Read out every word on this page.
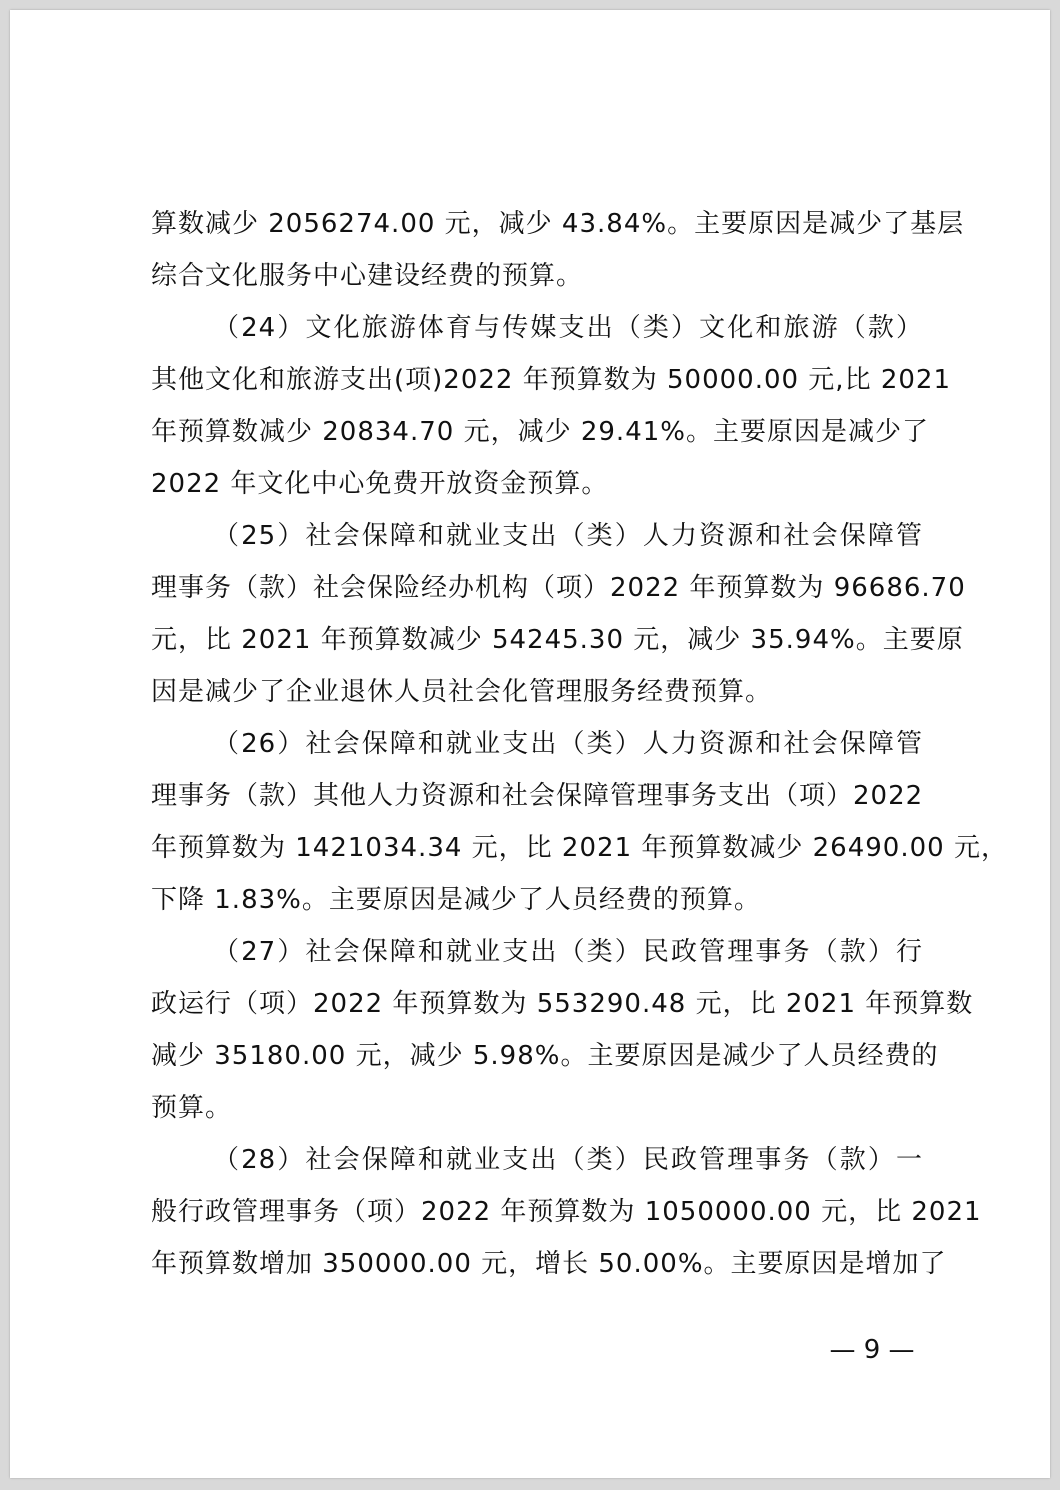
算数减少 2056274.00 元，减少 43.84%。主要原因是减少了基层
综合文化服务中心建设经费的预算。
（24）文化旅游体育与传媒支出（类）文化和旅游（款）
其他文化和旅游支出(项)2022 年预算数为 50000.00 元,比 2021
年预算数减少 20834.70 元，减少 29.41%。主要原因是减少了
2022 年文化中心免费开放资金预算。
（25）社会保障和就业支出（类）人力资源和社会保障管
理事务（款）社会保险经办机构（项）2022 年预算数为 96686.70
元，比 2021 年预算数减少 54245.30 元，减少 35.94%。主要原
因是减少了企业退休人员社会化管理服务经费预算。
（26）社会保障和就业支出（类）人力资源和社会保障管
理事务（款）其他人力资源和社会保障管理事务支出（项）2022
年预算数为 1421034.34 元，比 2021 年预算数减少 26490.00 元，
下降 1.83%。主要原因是减少了人员经费的预算。
（27）社会保障和就业支出（类）民政管理事务（款）行
政运行（项）2022 年预算数为 553290.48 元，比 2021 年预算数
减少 35180.00 元，减少 5.98%。主要原因是减少了人员经费的
预算。
（28）社会保障和就业支出（类）民政管理事务（款）一
般行政管理事务（项）2022 年预算数为 1050000.00 元，比 2021
年预算数增加 350000.00 元，增长 50.00%。主要原因是增加了
— 9 —
